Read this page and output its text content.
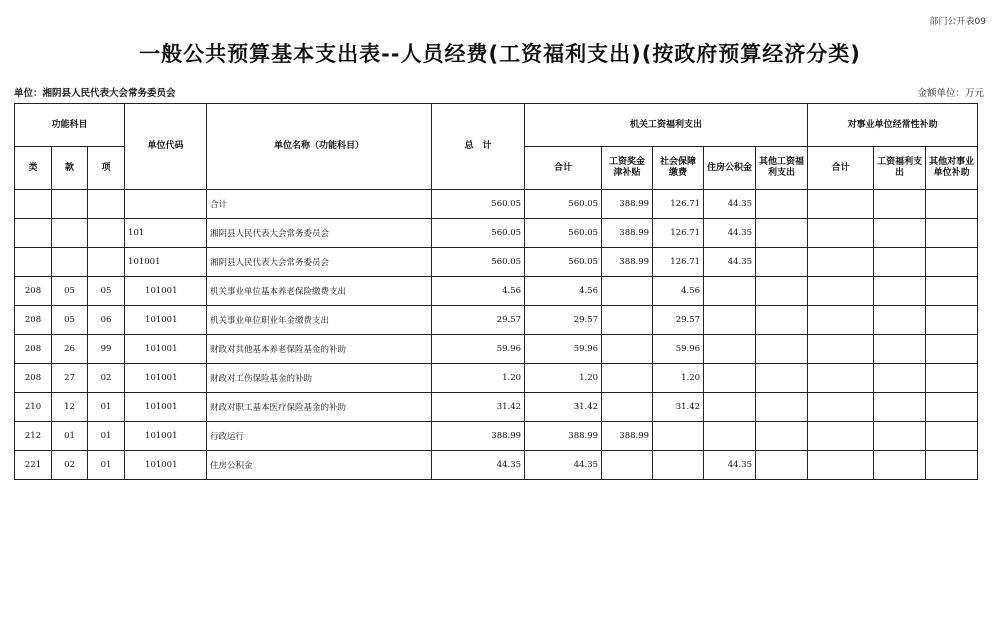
部门公开表09
一般公共预算基本支出表--人员经费(工资福利支出)(按政府预算经济分类)
单位：湘阴县人民代表大会常务委员会	金额单位：万元
功能科目			单位代码	单位名称（功能科目）	总　计	机关工资福利支出					对事业单位经常性补助		
类	款	项				合计	工资奖金津补贴	社会保障缴费	住房公积金	其他工资福利支出	合计	工资福利支出	其他对事业单位补助
				合计	560.05	560.05	388.99	126.71	44.35				
			101	湘阴县人民代表大会常务委员会	560.05	560.05	388.99	126.71	44.35				
			101001	湘阴县人民代表大会常务委员会	560.05	560.05	388.99	126.71	44.35				
208	05	05	101001	机关事业单位基本养老保险缴费支出	4.56	4.56		4.56					
208	05	06	101001	机关事业单位职业年金缴费支出	29.57	29.57		29.57					
208	26	99	101001	财政对其他基本养老保险基金的补助	59.96	59.96		59.96					
208	27	02	101001	财政对工伤保险基金的补助	1.20	1.20		1.20					
210	12	01	101001	财政对职工基本医疗保险基金的补助	31.42	31.42		31.42					
212	01	01	101001	行政运行	388.99	388.99	388.99						
221	02	01	101001	住房公积金	44.35	44.35			44.35				
